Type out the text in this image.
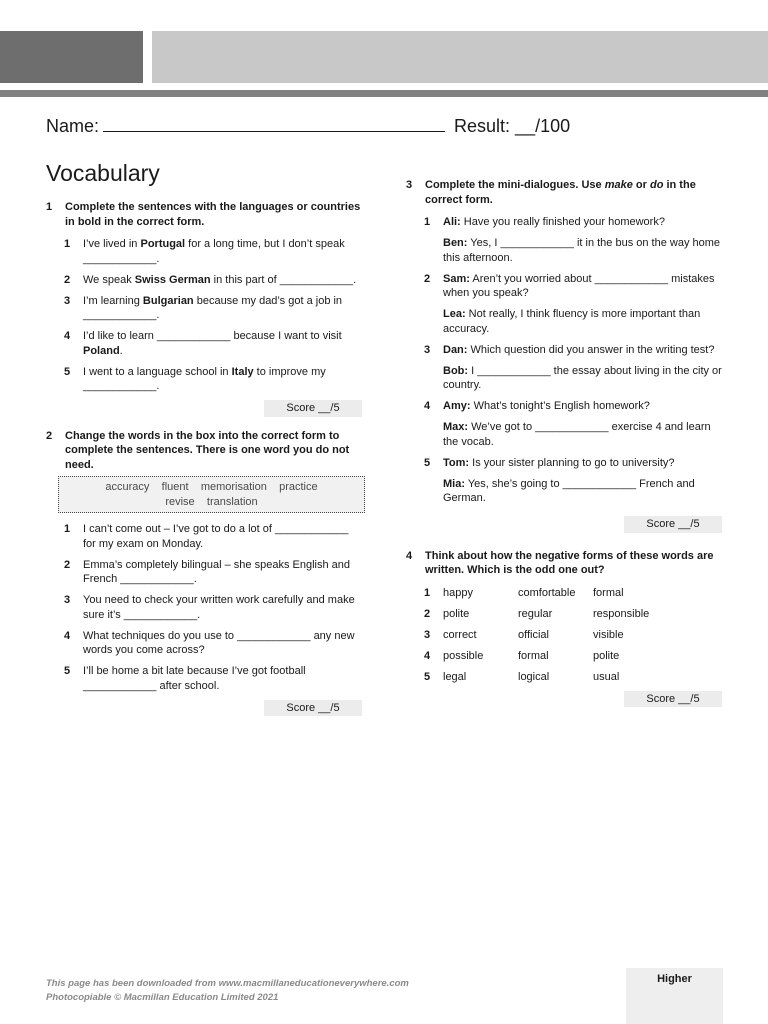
Name:	Result: __/100
Vocabulary
1	Complete the sentences with the languages or countries in bold in the correct form.
1	I’ve lived in Portugal for a long time, but I don’t speak ____________.
2	We speak Swiss German in this part of ____________.
3	I’m learning Bulgarian because my dad’s got a job in ____________.
4	I’d like to learn ____________ because I want to visit Poland.
5	I went to a language school in Italy to improve my ____________.
Score __/5
2	Change the words in the box into the correct form to complete the sentences. There is one word you do not need.
accuracy fluent memorisation practice
revise translation
1	I can’t come out – I’ve got to do a lot of ____________ for my exam on Monday.
2	Emma’s completely bilingual – she speaks English and French ____________.
3	You need to check your written work carefully and make sure it’s ____________.
4	What techniques do you use to ____________ any new words you come across?
5	I’ll be home a bit late because I’ve got football ____________ after school.
Score __/5
3	Complete the mini-dialogues. Use make or do in the correct form.
1	Ali: Have you really finished your homework?

Ben: Yes, I ____________ it in the bus on the way home this afternoon.

2	Sam: Aren’t you worried about ____________ mistakes when you speak?

Lea: Not really, I think fluency is more important than accuracy.

3	Dan: Which question did you answer in the writing test?

Bob: I ____________ the essay about living in the city or country.

4	Amy: What’s tonight’s English homework?

Max: We’ve got to ____________ exercise 4 and learn the vocab.

5	Tom: Is your sister planning to go to university?

Mia: Yes, she’s going to ____________ French and German.

Score __/5
4	Think about how the negative forms of these words are written. Which is the odd one out?
1	happy	comfortable	formal
2	polite	regular	responsible
3	correct	official	visible
4	possible	formal	polite
5	legal	logical	usual
Score __/5
This page has been downloaded from www.macmillaneducationeverywhere.com
Photocopiable © Macmillan Education Limited 2021
Higher
